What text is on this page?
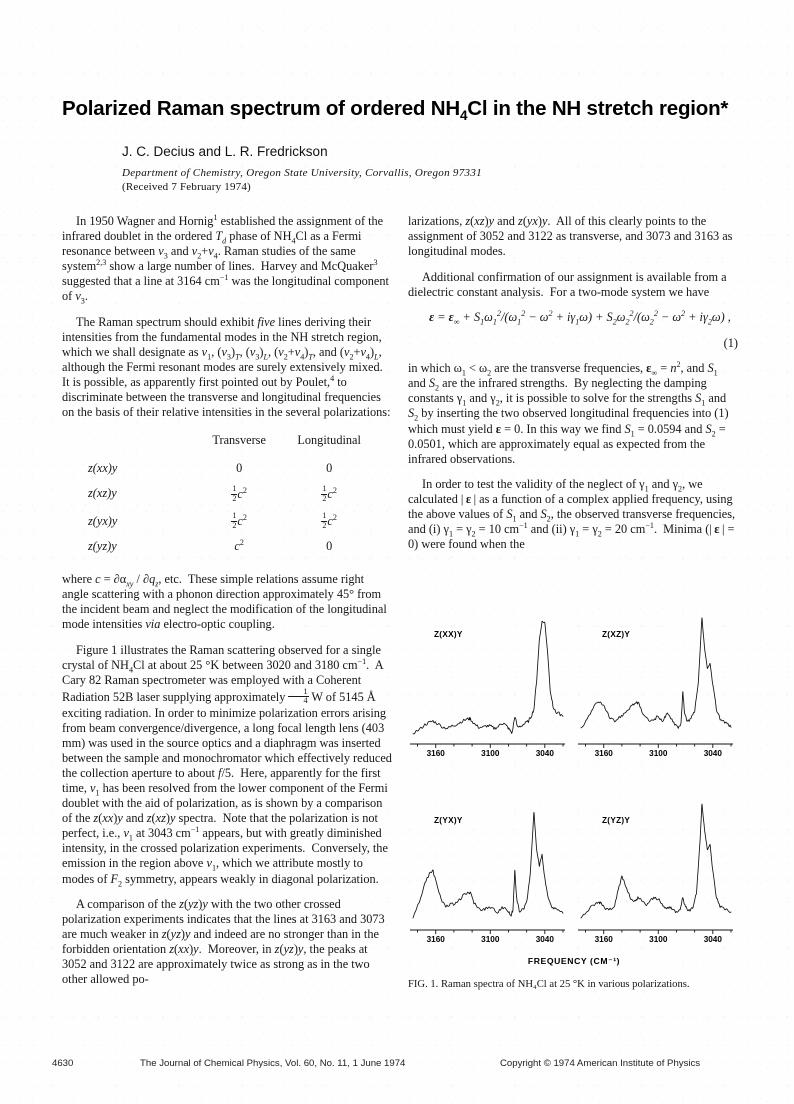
Polarized Raman spectrum of ordered $NH_4Cl$ in the NH stretch region*
J. C. Decius and L. R. Fredrickson
Department of Chemistry, Oregon State University, Corvallis, Oregon 97331
(Received 7 February 1974)

In 1950 Wagner and Hornig$^1$ established the assignment of the infrared doublet in the ordered $T_d$ phase of $NH_4Cl$ as a Fermi resonance between $\nu_3$ and $\nu_2+\nu_4$. Raman studies of the same system$^{2,3}$ show a large number of lines.  Harvey and McQuaker$^3$ suggested that a line at 3164 $cm^{-1}$ was the longitudinal component of $\nu_3$.

The Raman spectrum should exhibit five lines deriving their intensities from the fundamental modes in the NH stretch region, which we shall designate as $\nu_1$, $(\nu_3)_T$, $(\nu_3)_L$, $(\nu_2+\nu_4)_T$, and $(\nu_2+\nu_4)_L$, although the Fermi resonant modes are surely extensively mixed.  It is possible, as apparently first pointed out by Poulet,$^4$ to discriminate between the transverse and longitudinal frequencies on the basis of their relative intensities in the several polarizations:

	Transverse	Longitudinal
z(xx)y	0	0
z(xz)y	$\frac{1}{2} c^2$	$\frac{1}{2} c^2$
z(yx)y	$\frac{1}{2} c^2$	$\frac{1}{2} c^2$
z(yz)y	$c^2$	0

where $c = \partial\alpha_{xy} / \partial q_z$, etc.  These simple relations assume right angle scattering with a phonon direction approximately 45° from the incident beam and neglect the modification of the longitudinal mode intensities via electro-optic coupling.

Figure 1 illustrates the Raman scattering observed for a single crystal of $NH_4Cl$ at about 25 °K between 3020 and 3180 $cm^{-1}$.  A Cary 82 Raman spectrometer was employed with a Coherent Radiation 52B laser supplying approximately $\frac{1}{4}$ W of 5145 Å exciting radiation. In order to minimize polarization errors arising from beam convergence/divergence, a long focal length lens (403 mm) was used in the source optics and a diaphragm was inserted between the sample and monochromator which effectively reduced the collection aperture to about f/5.  Here, apparently for the first time, $\nu_1$ has been resolved from the lower component of the Fermi doublet with the aid of polarization, as is shown by a comparison of the z(xx)y and z(xz)y spectra.  Note that the polarization is not perfect, i.e., $\nu_1$ at 3043 $cm^{-1}$ appears, but with greatly diminished intensity, in the crossed polarization experiments.  Conversely, the emission in the region above $\nu_1$, which we attribute mostly to modes of $F_2$ symmetry, appears weakly in diagonal polarization.

A comparison of the z(yz)y with the two other crossed polarization experiments indicates that the lines at 3163 and 3073 are much weaker in z(yz)y and indeed are no stronger than in the forbidden orientation z(xx)y.  Moreover, in z(yz)y, the peaks at 3052 and 3122 are approximately twice as strong as in the two other allowed po-

larizations, z(xz)y and z(yx)y.  All of this clearly points to the assignment of 3052 and 3122 as transverse, and 3073 and 3163 as longitudinal modes.

Additional confirmation of our assignment is available from a dielectric constant analysis.  For a two-mode system we have

$\varepsilon = \varepsilon_\infty + S_1\omega_1^2/(\omega_1^2 - \omega^2 + i\gamma_1\omega) + S_2\omega_2^2/(\omega_2^2 - \omega^2 + i\gamma_2\omega)$ ,

(1)

in which $\omega_1 < \omega_2$ are the transverse frequencies, $\varepsilon_\infty = n^2$, and $S_1$ and $S_2$ are the infrared strengths.  By neglecting the damping constants $\gamma_1$ and $\gamma_2$, it is possible to solve for the strengths $S_1$ and $S_2$ by inserting the two observed longitudinal frequencies into (1) which must yield ε = 0. In this way we find $S_1 = 0.0594$ and $S_2 = 0.0501$, which are approximately equal as expected from the infrared observations.

In order to test the validity of the neglect of $\gamma_1$ and $\gamma_2$, we calculated | ε | as a function of a complex applied frequency, using the above values of $S_1$ and $S_2$, the observed transverse frequencies, and (i) $\gamma_1 = \gamma_2 = 10$ $cm^{-1}$ and (ii) $\gamma_1 = \gamma_2 = 20$ $cm^{-1}$.  Minima (| ε | = 0) were found when the

3160	3100	3040
Z(XX)Y
3160	3100	3040
Z(XZ)Y
3160	3100	3040
Z(YX)Y
3160	3100	3040
Z(YZ)Y
FREQUENCY (CM⁻¹)
FIG. 1. Raman spectra of NH₄Cl at 25 °K in various polarizations.
4630	The Journal of Chemical Physics, Vol. 60, No. 11, 1 June 1974	Copyright © 1974 American Institute of Physics
